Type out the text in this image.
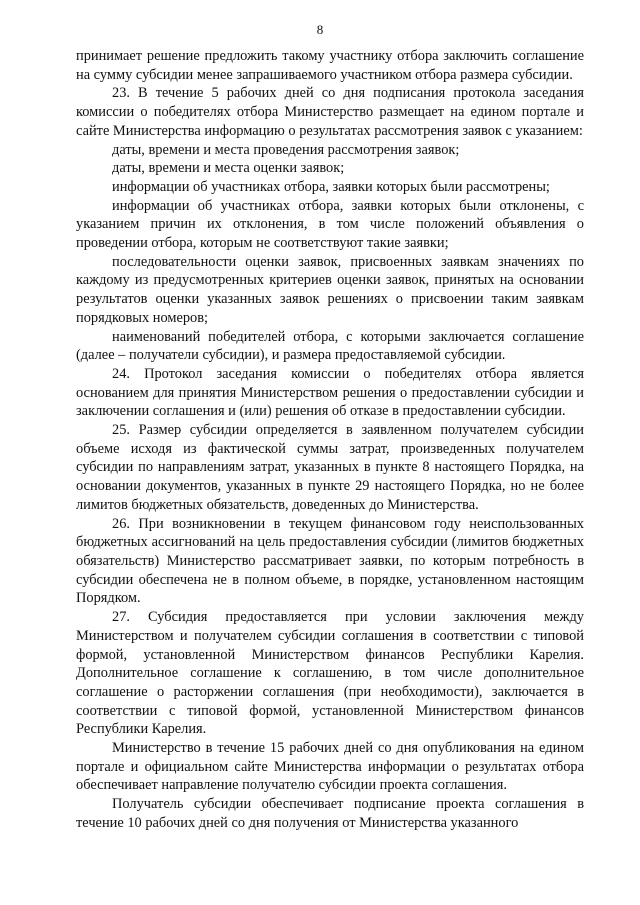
8

принимает решение предложить такому участнику отбора заключить соглашение на сумму субсидии менее запрашиваемого участником отбора размера субсидии.

23. В течение 5 рабочих дней со дня подписания протокола заседания комиссии о победителях отбора Министерство размещает на едином портале и сайте Министерства информацию о результатах рассмотрения заявок с указанием:

даты, времени и места проведения рассмотрения заявок;

даты, времени и места оценки заявок;

информации об участниках отбора, заявки которых были рассмотрены;

информации об участниках отбора, заявки которых были отклонены, с указанием причин их отклонения, в том числе положений объявления о проведении отбора, которым не соответствуют такие заявки;

последовательности оценки заявок, присвоенных заявкам значениях по каждому из предусмотренных критериев оценки заявок, принятых на основании результатов оценки указанных заявок решениях о присвоении таким заявкам порядковых номеров;

наименований победителей отбора, с которыми заключается соглашение (далее – получатели субсидии), и размера предоставляемой субсидии.

24. Протокол заседания комиссии о победителях отбора является основанием для принятия Министерством решения о предоставлении субсидии и заключении соглашения и (или) решения об отказе в предоставлении субсидии.

25. Размер субсидии определяется в заявленном получателем субсидии объеме исходя из фактической суммы затрат, произведенных получателем субсидии по направлениям затрат, указанных в пункте 8 настоящего Порядка, на основании документов, указанных в пункте 29 настоящего Порядка, но не более лимитов бюджетных обязательств, доведенных до Министерства.

26. При возникновении в текущем финансовом году неиспользованных бюджетных ассигнований на цель предоставления субсидии (лимитов бюджетных обязательств) Министерство рассматривает заявки, по которым потребность в субсидии обеспечена не в полном объеме, в порядке, установленном настоящим Порядком.

27. Субсидия предоставляется при условии заключения между Министерством и получателем субсидии соглашения в соответствии с типовой формой, установленной Министерством финансов Республики Карелия. Дополнительное соглашение к соглашению, в том числе дополнительное соглашение о расторжении соглашения (при необходимости), заключается в соответствии с типовой формой, установленной Министерством финансов Республики Карелия.

Министерство в течение 15 рабочих дней со дня опубликования на едином портале и официальном сайте Министерства информации о результатах отбора обеспечивает направление получателю субсидии проекта соглашения.

Получатель субсидии обеспечивает подписание проекта соглашения в течение 10 рабочих дней со дня получения от Министерства указанного
